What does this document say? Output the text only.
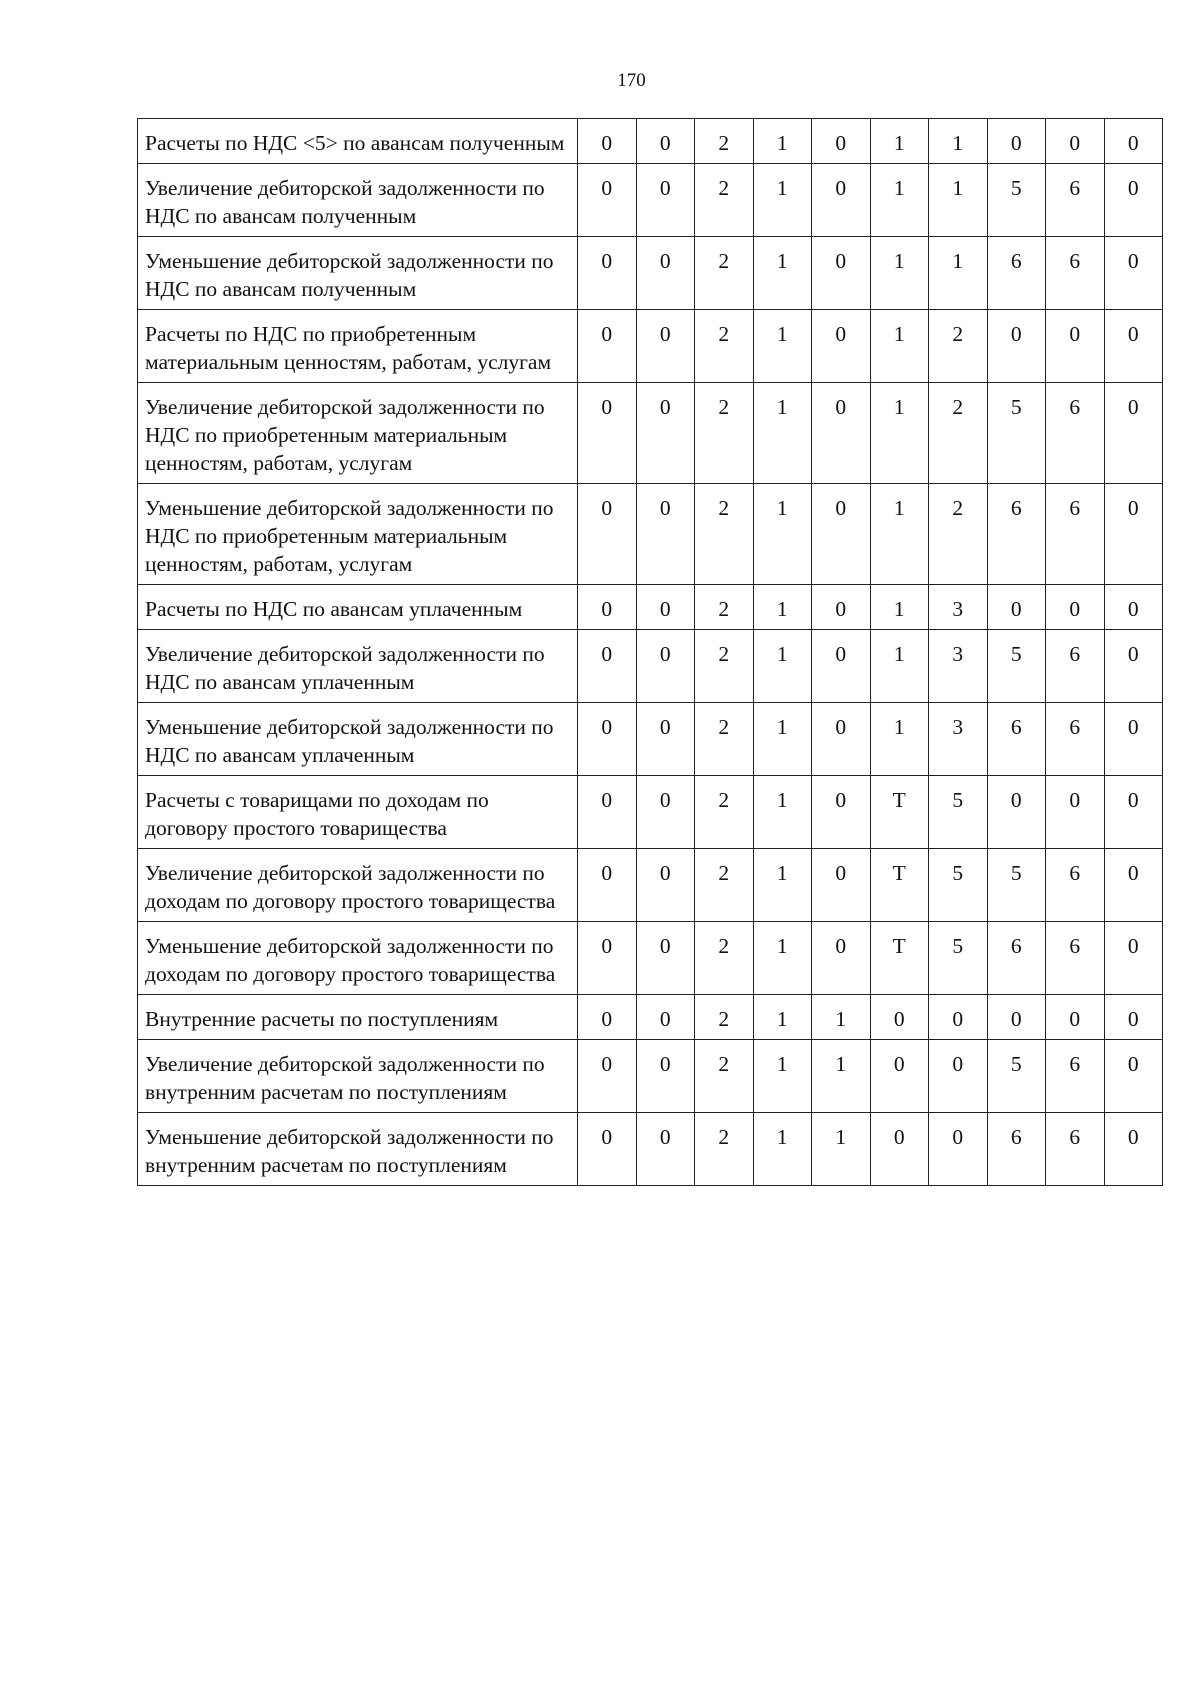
170
Расчеты по НДС <5> по авансам полученным	0	0	2	1	0	1	1	0	0	0
Увеличение дебиторской задолженности по НДС по авансам полученным	0	0	2	1	0	1	1	5	6	0
Уменьшение дебиторской задолженности по НДС по авансам полученным	0	0	2	1	0	1	1	6	6	0
Расчеты по НДС по приобретенным материальным ценностям, работам, услугам	0	0	2	1	0	1	2	0	0	0
Увеличение дебиторской задолженности по НДС по приобретенным материальным ценностям, работам, услугам	0	0	2	1	0	1	2	5	6	0
Уменьшение дебиторской задолженности по НДС по приобретенным материальным ценностям, работам, услугам	0	0	2	1	0	1	2	6	6	0
Расчеты по НДС по авансам уплаченным	0	0	2	1	0	1	3	0	0	0
Увеличение дебиторской задолженности по НДС по авансам уплаченным	0	0	2	1	0	1	3	5	6	0
Уменьшение дебиторской задолженности по НДС по авансам уплаченным	0	0	2	1	0	1	3	6	6	0
Расчеты с товарищами по доходам по договору простого товарищества	0	0	2	1	0	Т	5	0	0	0
Увеличение дебиторской задолженности по доходам по договору простого товарищества	0	0	2	1	0	Т	5	5	6	0
Уменьшение дебиторской задолженности по доходам по договору простого товарищества	0	0	2	1	0	Т	5	6	6	0
Внутренние расчеты по поступлениям	0	0	2	1	1	0	0	0	0	0
Увеличение дебиторской задолженности по внутренним расчетам по поступлениям	0	0	2	1	1	0	0	5	6	0
Уменьшение дебиторской задолженности по внутренним расчетам по поступлениям	0	0	2	1	1	0	0	6	6	0
